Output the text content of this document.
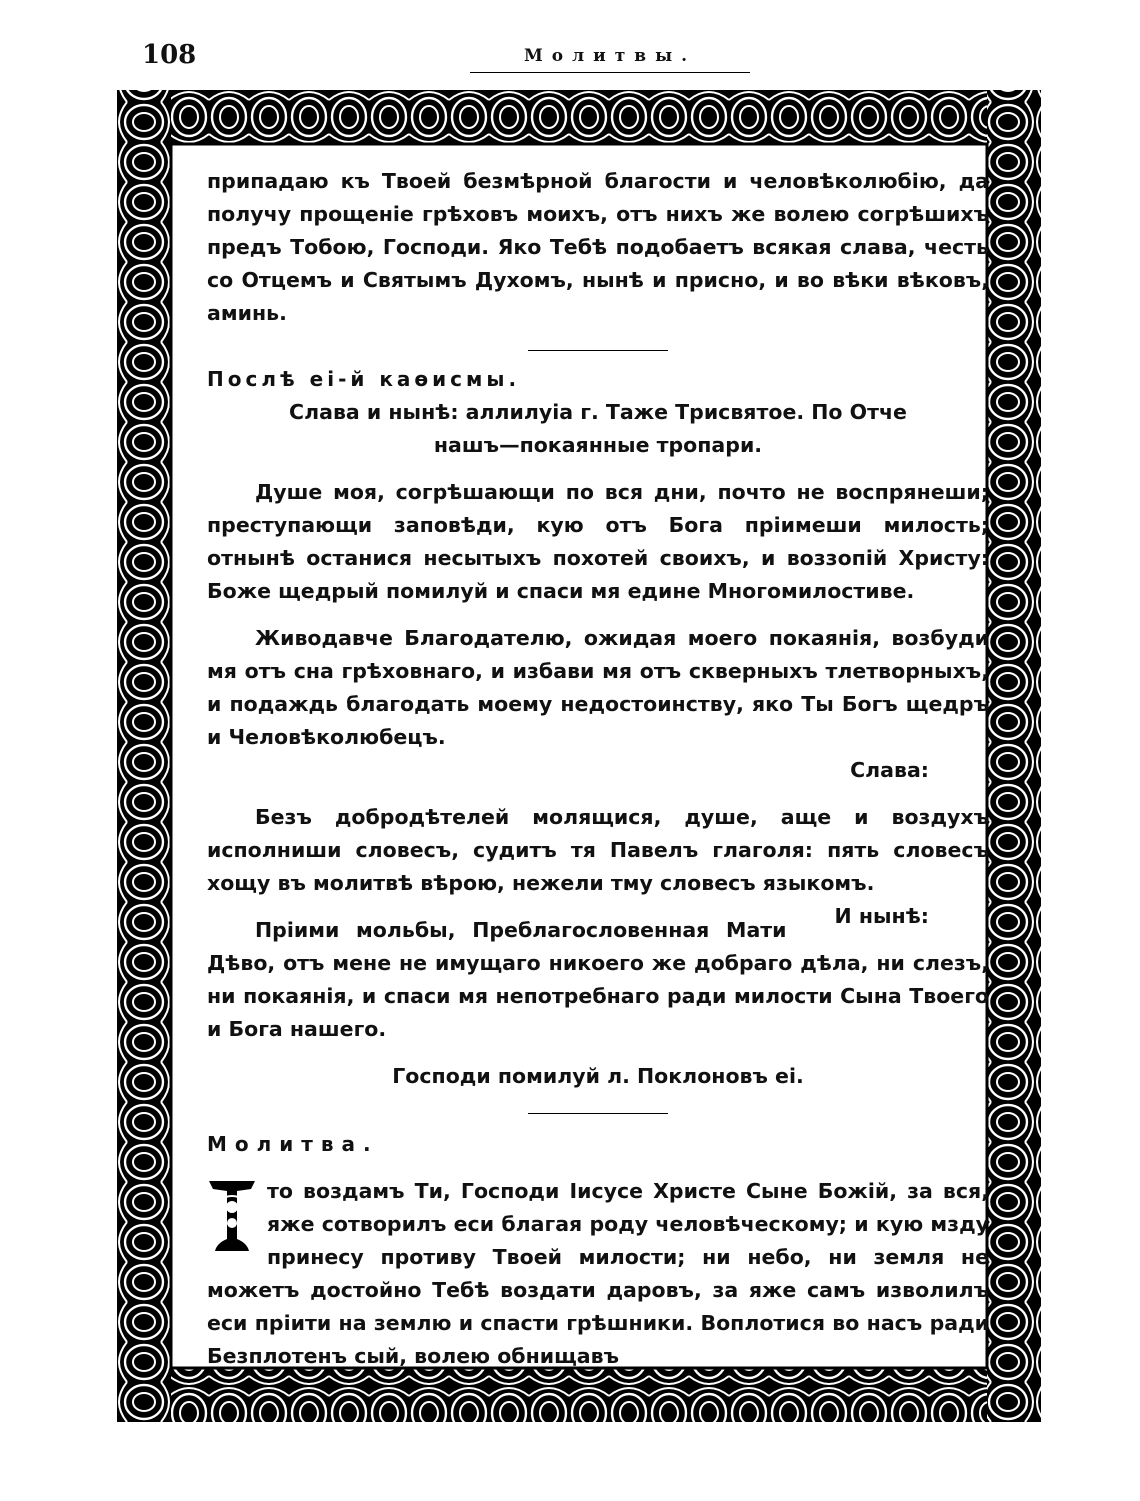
108	Молитвы.

припадаю къ Твоей безмѣрной благости и человѣколюбiю, да получу прощенiе грѣховъ моихъ, отъ нихъ же волею согрѣшихъ предъ Тобою, Господи. Яко Тебѣ подобаетъ всякая слава, честь со Отцемъ и Святымъ Духомъ, нынѣ и присно, и во вѣки вѣковъ, аминь.

Послѣ еi-й каѳисмы.

Слава и нынѣ: аллилуiа г. Таже Трисвятое. По Отче

нашъ—покаянные тропари.

Душе моя, согрѣшающи по вся дни, почто не воспрянеши; преступающи заповѣди, кую отъ Бога прiимеши милость; отнынѣ останися несытыхъ похотей своихъ, и воззопiй Христу: Боже щедрый помилуй и спаси мя едине Многомилостиве.

Живодавче Благодателю, ожидая моего покаянiя, возбуди мя отъ сна грѣховнаго, и избави мя отъ скверныхъ тлетворныхъ, и подаждь благодать моему недостоинству, яко Ты Богъ щедръ и Человѣколюбецъ.

Слава:

Безъ добродѣтелей молящися, душе, аще и воздухъ исполниши словесъ, судитъ тя Павелъ глаголя: пять словесъ хощу въ молитвѣ вѣрою, нежели тму словесъ языкомъ.
И нынѣ:

Прiими мольбы, Преблагословенная Мати Дѣво, отъ мене не имущаго никоего же добраго дѣла, ни слезъ, ни покаянiя, и спаси мя непотребнаго ради милости Сына Твоего и Бога нашего.

Господи помилуй л. Поклоновъ еi.

Молитва.

Ч
то воздамъ Ти, Господи Iисусе Христе Сыне Божiй, за вся, яже сотворилъ еси благая роду человѣческому; и кую мзду принесу противу Твоей милости; ни небо, ни земля не можетъ достойно Тебѣ воздати даровъ, за яже самъ изволилъ еси прiити на землю и спасти грѣшники. Воплотися во насъ ради Безплотенъ сый, волею обнищавъ
